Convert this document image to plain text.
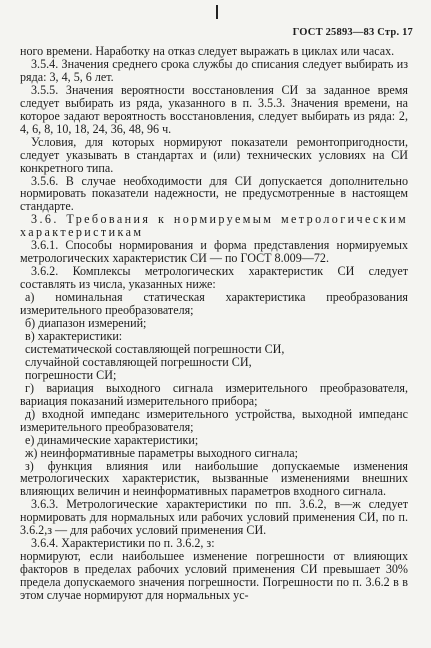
ГОСТ 25893—83 Стр. 17

ного времени. Наработку на отказ следует выражать в циклах или часах.

3.5.4. Значения среднего срока службы до списания следует выбирать из ряда: 3, 4, 5, 6 лет.

3.5.5. Значения вероятности восстановления СИ за заданное время следует выбирать из ряда, указанного в п. 3.5.3. Значения времени, на которое задают вероятность восстановления, следует выбирать из ряда: 2, 4, 6, 8, 10, 18, 24, 36, 48, 96 ч.

Условия, для которых нормируют показатели ремонтопригодности, следует указывать в стандартах и (или) технических условиях на СИ конкретного типа.

3.5.6. В случае необходимости для СИ допускается дополнительно нормировать показатели надежности, не предусмотренные в настоящем стандарте.

3.6. Требования к нормируемым метрологическим характеристикам

3.6.1. Способы нормирования и форма представления нормируемых метрологических характеристик СИ — по ГОСТ 8.009—72.

3.6.2. Комплексы метрологических характеристик СИ следует составлять из числа, указанных ниже:

а) номинальная статическая характеристика преобразования измерительного преобразователя;

б) диапазон измерений;

в) характеристики:

систематической составляющей погрешности СИ,

случайной составляющей погрешности СИ,

погрешности СИ;

г) вариация выходного сигнала измерительного преобразователя, вариация показаний измерительного прибора;

д) входной импеданс измерительного устройства, выходной импеданс измерительного преобразователя;

е) динамические характеристики;

ж) неинформативные параметры выходного сигнала;

з) функция влияния или наибольшие допускаемые изменения метрологических характеристик, вызванные изменениями внешних влияющих величин и неинформативных параметров входного сигнала.

3.6.3. Метрологические характеристики по пп. 3.6.2, в—ж следует нормировать для нормальных или рабочих условий применения СИ, по п. 3.6.2,з — для рабочих условий применения СИ.

3.6.4. Характеристики по п. 3.6.2, з:

нормируют, если наибольшее изменение погрешности от влияющих факторов в пределах рабочих условий применения СИ превышает 30% предела допускаемого значения погрешности. Погрешности по п. 3.6.2 в в этом случае нормируют для нормальных ус-
